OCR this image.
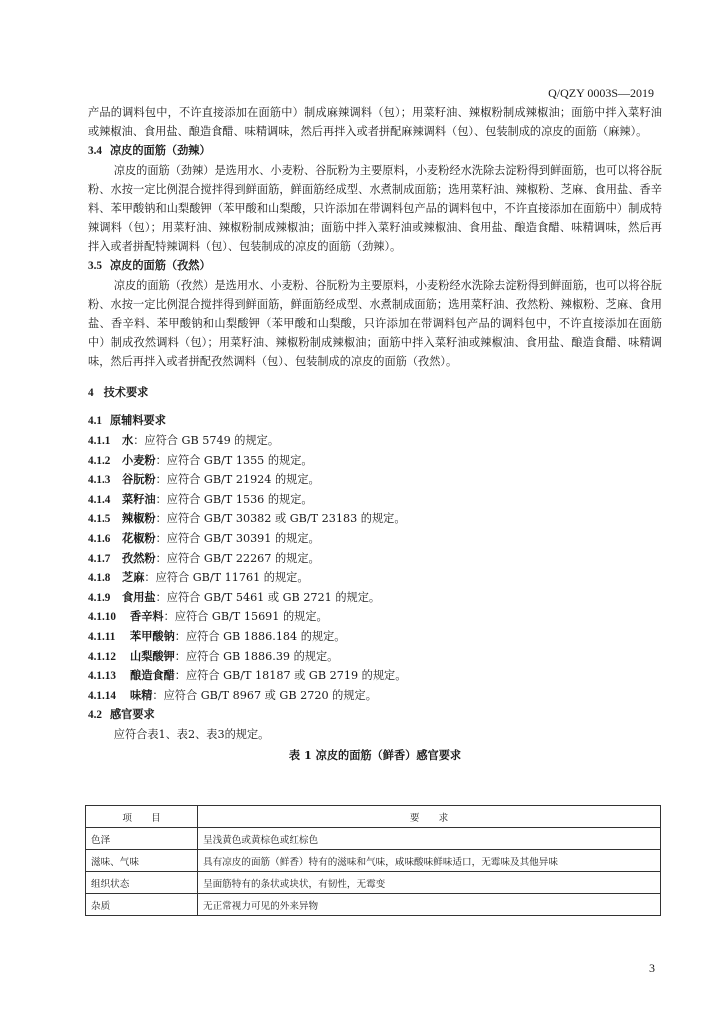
Q/QZY 0003S—2019

产品的调料包中，不许直接添加在面筋中）制成麻辣调料（包）；用菜籽油、辣椒粉制成辣椒油；面筋中拌入菜籽油或辣椒油、食用盐、酿造食醋、味精调味，然后再拌入或者拼配麻辣调料（包）、包装制成的凉皮的面筋（麻辣）。

3.4 凉皮的面筋（劲辣）

凉皮的面筋（劲辣）是选用水、小麦粉、谷朊粉为主要原料，小麦粉经水洗除去淀粉得到鲜面筋，也可以将谷朊粉、水按一定比例混合搅拌得到鲜面筋，鲜面筋经成型、水煮制成面筋；选用菜籽油、辣椒粉、芝麻、食用盐、香辛料、苯甲酸钠和山梨酸钾（苯甲酸和山梨酸，只许添加在带调料包产品的调料包中，不许直接添加在面筋中）制成特辣调料（包）；用菜籽油、辣椒粉制成辣椒油；面筋中拌入菜籽油或辣椒油、食用盐、酿造食醋、味精调味，然后再拌入或者拼配特辣调料（包）、包装制成的凉皮的面筋（劲辣）。

3.5 凉皮的面筋（孜然）

凉皮的面筋（孜然）是选用水、小麦粉、谷朊粉为主要原料，小麦粉经水洗除去淀粉得到鲜面筋，也可以将谷朊粉、水按一定比例混合搅拌得到鲜面筋，鲜面筋经成型、水煮制成面筋；选用菜籽油、孜然粉、辣椒粉、芝麻、食用盐、香辛料、苯甲酸钠和山梨酸钾（苯甲酸和山梨酸，只许添加在带调料包产品的调料包中，不许直接添加在面筋中）制成孜然调料（包）；用菜籽油、辣椒粉制成辣椒油；面筋中拌入菜籽油或辣椒油、食用盐、酿造食醋、味精调味，然后再拌入或者拼配孜然调料（包）、包装制成的凉皮的面筋（孜然）。

4 技术要求

4.1 原辅料要求

4.1.1 水：应符合 GB 5749 的规定。

4.1.2 小麦粉：应符合 GB/T 1355 的规定。

4.1.3 谷朊粉：应符合 GB/T 21924 的规定。

4.1.4 菜籽油：应符合 GB/T 1536 的规定。

4.1.5 辣椒粉：应符合 GB/T 30382 或 GB/T 23183 的规定。

4.1.6 花椒粉：应符合 GB/T 30391 的规定。

4.1.7 孜然粉：应符合 GB/T 22267 的规定。

4.1.8 芝麻：应符合 GB/T 11761 的规定。

4.1.9 食用盐：应符合 GB/T 5461 或 GB 2721 的规定。

4.1.10 香辛料：应符合 GB/T 15691 的规定。

4.1.11 苯甲酸钠：应符合 GB 1886.184 的规定。

4.1.12 山梨酸钾：应符合 GB 1886.39 的规定。

4.1.13 酿造食醋：应符合 GB/T 18187 或 GB 2719 的规定。

4.1.14 味精：应符合 GB/T 8967 或 GB 2720 的规定。

4.2 感官要求

应符合表1、表2、表3的规定。

表 1 凉皮的面筋（鲜香）感官要求
项　　目	要　　求
色泽	呈浅黄色或黄棕色或红棕色
滋味、气味	具有凉皮的面筋（鲜香）特有的滋味和气味，咸味酸味鲜味适口，无霉味及其他异味
组织状态	呈面筋特有的条状或块状，有韧性，无霉变
杂质	无正常视力可见的外来异物
3
